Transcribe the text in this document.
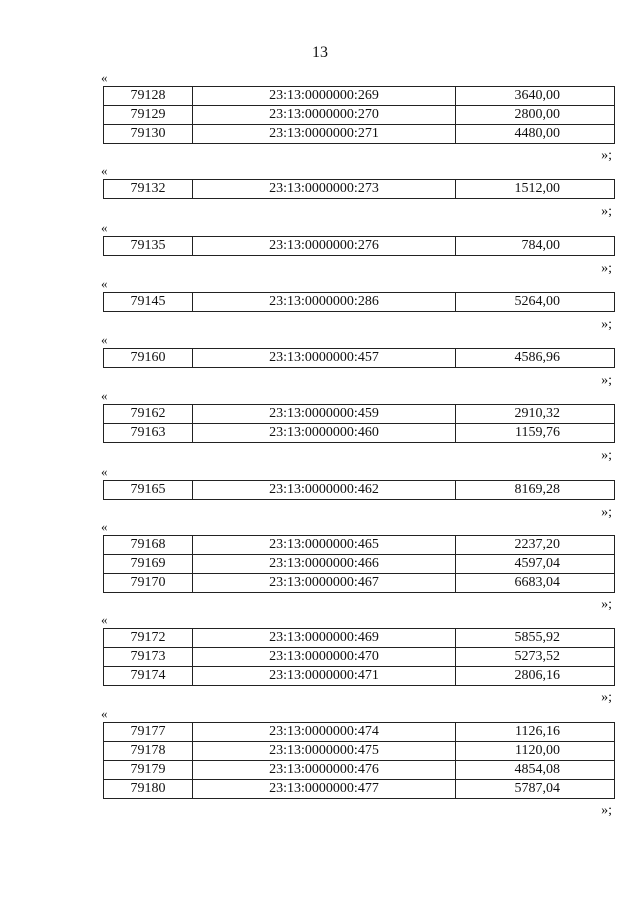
13
«
79128	23:13:0000000:269	3640,00
79129	23:13:0000000:270	2800,00
79130	23:13:0000000:271	4480,00
»;
«
79132	23:13:0000000:273	1512,00
»;
«
79135	23:13:0000000:276	784,00
»;
«
79145	23:13:0000000:286	5264,00
»;
«
79160	23:13:0000000:457	4586,96
»;
«
79162	23:13:0000000:459	2910,32
79163	23:13:0000000:460	1159,76
»;
«
79165	23:13:0000000:462	8169,28
»;
«
79168	23:13:0000000:465	2237,20
79169	23:13:0000000:466	4597,04
79170	23:13:0000000:467	6683,04
»;
«
79172	23:13:0000000:469	5855,92
79173	23:13:0000000:470	5273,52
79174	23:13:0000000:471	2806,16
»;
«
79177	23:13:0000000:474	1126,16
79178	23:13:0000000:475	1120,00
79179	23:13:0000000:476	4854,08
79180	23:13:0000000:477	5787,04
»;
